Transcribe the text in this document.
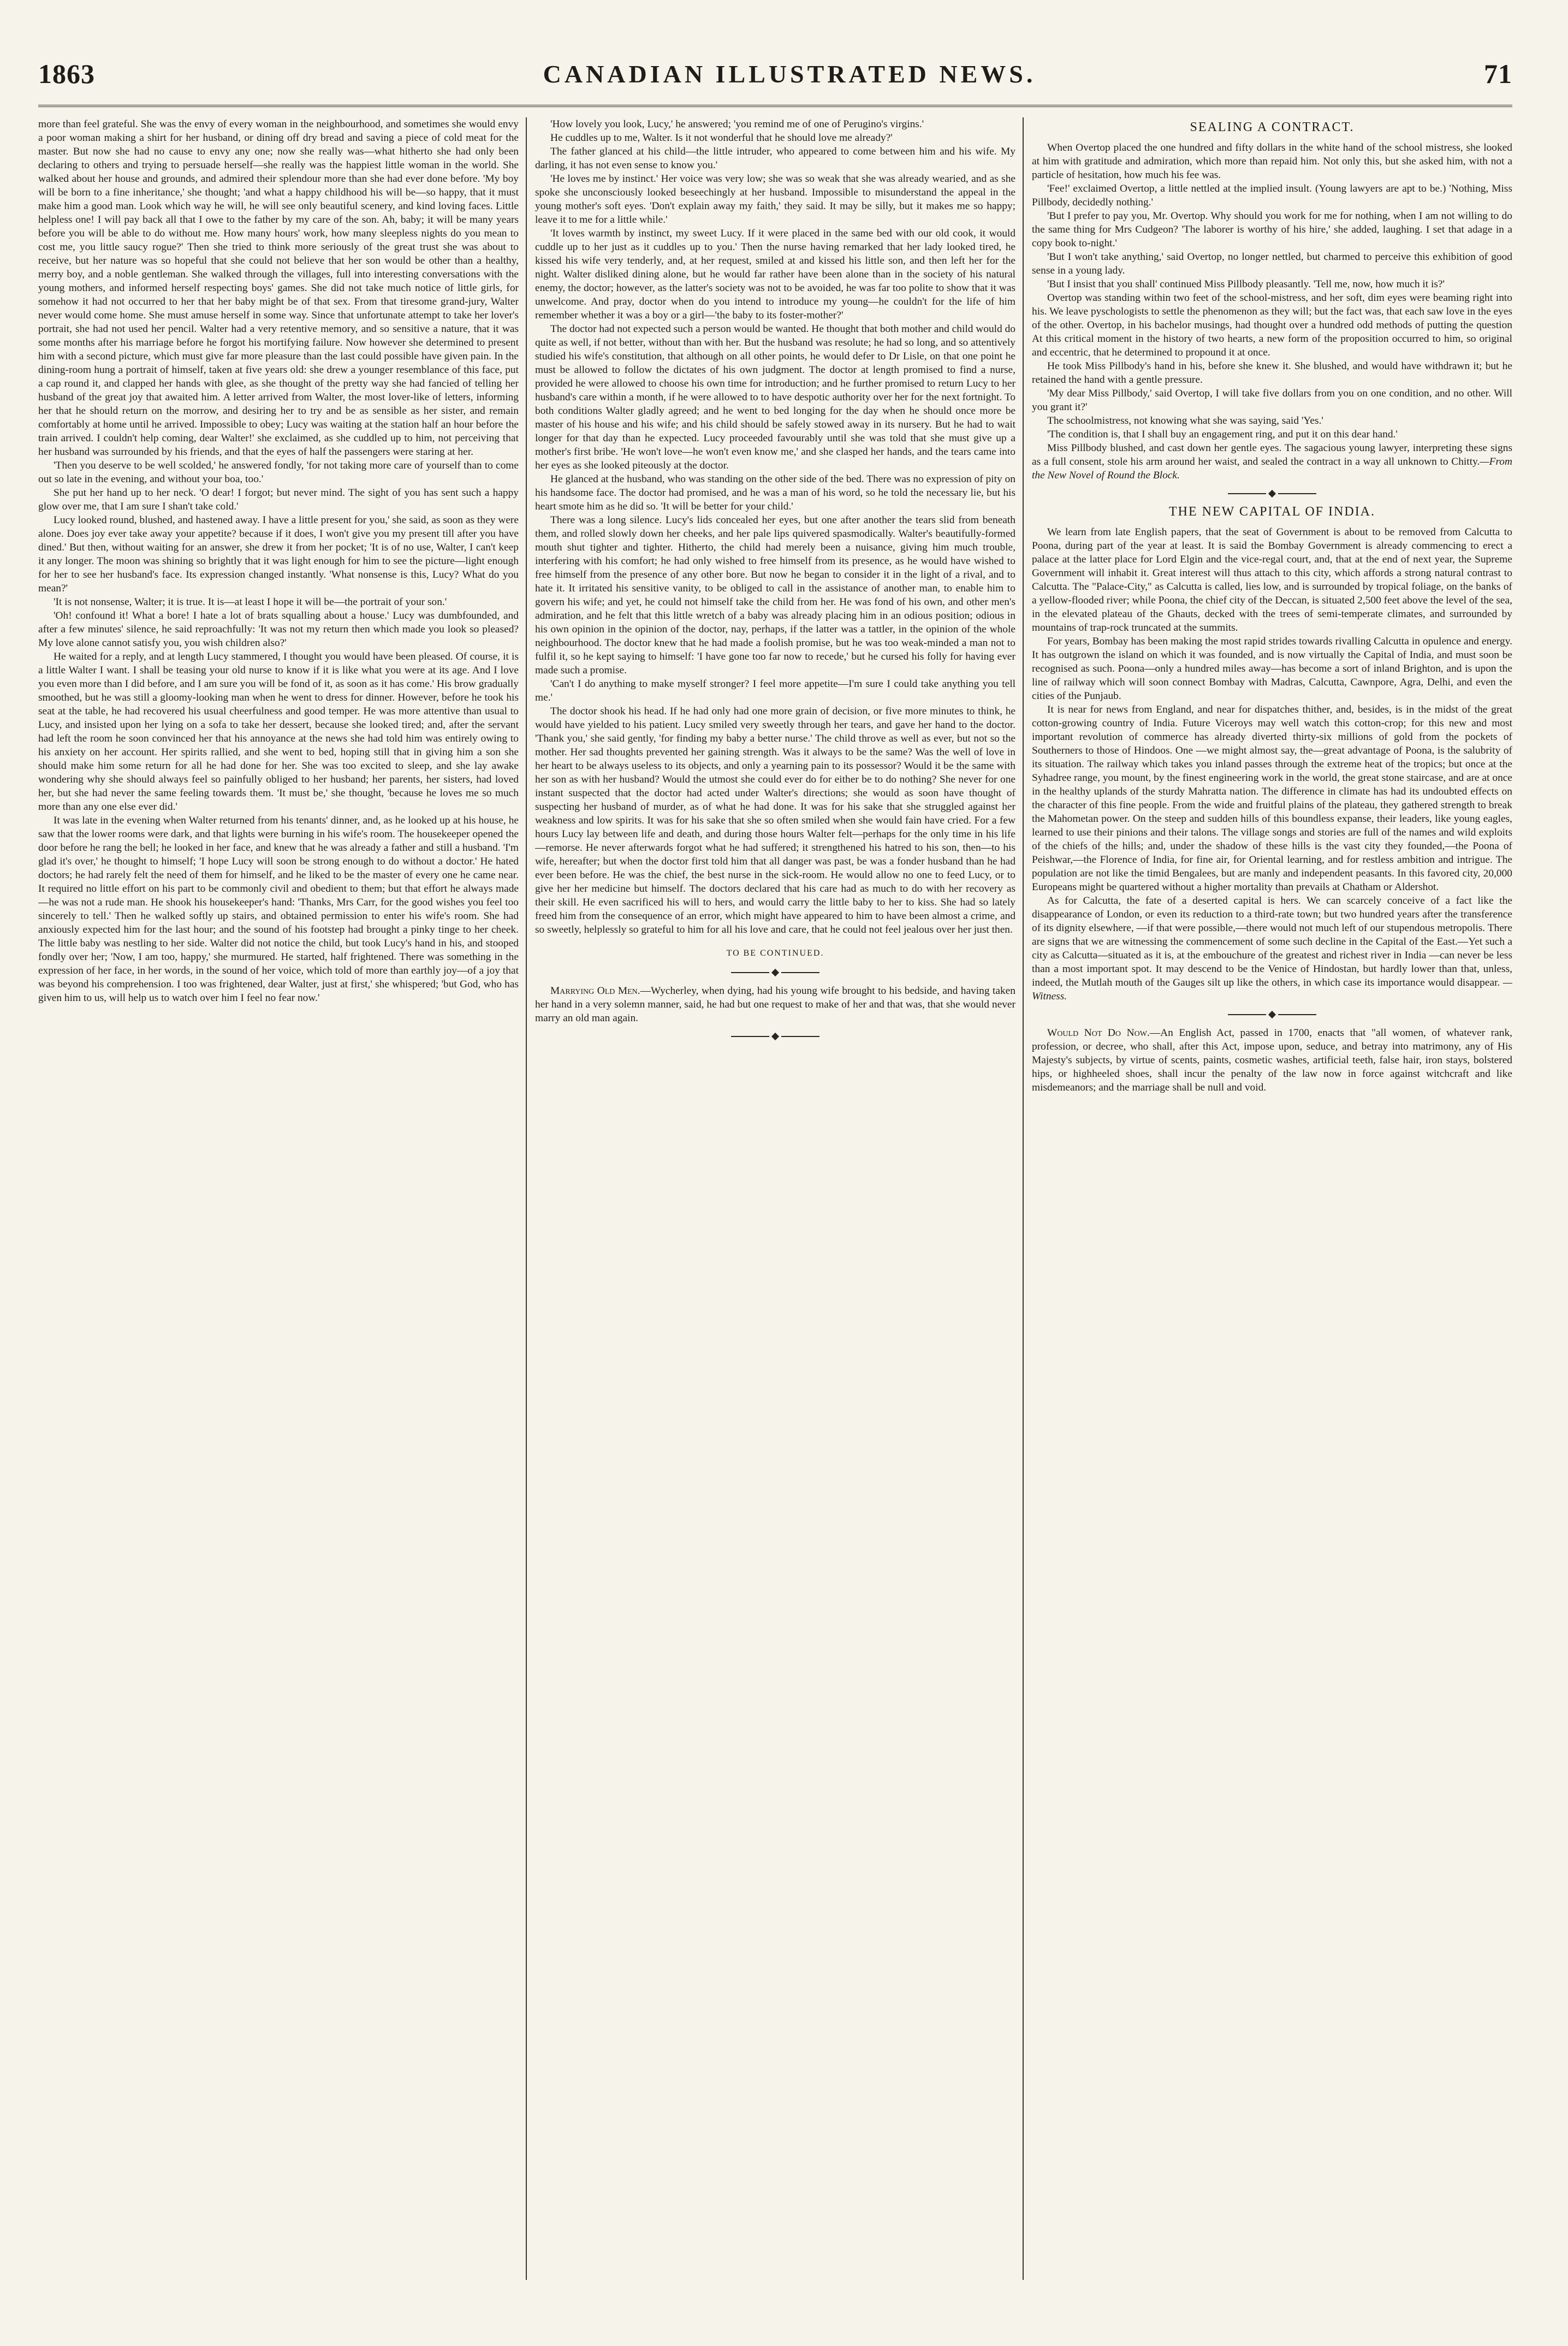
1863	CANADIAN ILLUSTRATED NEWS.	71

more than feel grateful. She was the envy of every woman in the neighbourhood, and sometimes she would envy a poor woman making a shirt for her husband, or dining off dry bread and saving a piece of cold meat for the master. But now she had no cause to envy any one; now she really was—what hitherto she had only been declaring to others and trying to persuade herself—she really was the happiest little woman in the world. She walked about her house and grounds, and admired their splendour more than she had ever done before. 'My boy will be born to a fine inheritance,' she thought; 'and what a happy childhood his will be—so happy, that it must make him a good man. Look which way he will, he will see only beautiful scenery, and kind loving faces. Little helpless one! I will pay back all that I owe to the father by my care of the son. Ah, baby; it will be many years before you will be able to do without me. How many hours' work, how many sleepless nights do you mean to cost me, you little saucy rogue?' Then she tried to think more seriously of the great trust she was about to receive, but her nature was so hopeful that she could not believe that her son would be other than a healthy, merry boy, and a noble gentleman. She walked through the villages, full into interesting conversations with the young mothers, and informed herself respecting boys' games. She did not take much notice of little girls, for somehow it had not occurred to her that her baby might be of that sex. From that tiresome grand-jury, Walter never would come home. She must amuse herself in some way. Since that unfortunate attempt to take her lover's portrait, she had not used her pencil. Walter had a very retentive memory, and so sensitive a nature, that it was some months after his marriage before he forgot his mortifying failure. Now however she determined to present him with a second picture, which must give far more pleasure than the last could possible have given pain. In the dining-room hung a portrait of himself, taken at five years old: she drew a younger resemblance of this face, put a cap round it, and clapped her hands with glee, as she thought of the pretty way she had fancied of telling her husband of the great joy that awaited him. A letter arrived from Walter, the most lover-like of letters, informing her that he should return on the morrow, and desiring her to try and be as sensible as her sister, and remain comfortably at home until he arrived. Impossible to obey; Lucy was waiting at the station half an hour before the train arrived. I couldn't help coming, dear Walter!' she exclaimed, as she cuddled up to him, not perceiving that her husband was surrounded by his friends, and that the eyes of half the passengers were staring at her.

'Then you deserve to be well scolded,' he answered fondly, 'for not taking more care of yourself than to come out so late in the evening, and without your boa, too.'

She put her hand up to her neck. 'O dear! I forgot; but never mind. The sight of you has sent such a happy glow over me, that I am sure I shan't take cold.'

Lucy looked round, blushed, and hastened away. I have a little present for you,' she said, as soon as they were alone. Does joy ever take away your appetite? because if it does, I won't give you my present till after you have dined.' But then, without waiting for an answer, she drew it from her pocket; 'It is of no use, Walter, I can't keep it any longer. The moon was shining so brightly that it was light enough for him to see the picture—light enough for her to see her husband's face. Its expression changed instantly. 'What nonsense is this, Lucy? What do you mean?'

'It is not nonsense, Walter; it is true. It is—at least I hope it will be—the portrait of your son.'

'Oh! confound it! What a bore! I hate a lot of brats squalling about a house.' Lucy was dumbfounded, and after a few minutes' silence, he said reproachfully: 'It was not my return then which made you look so pleased? My love alone cannot satisfy you, you wish children also?'

He waited for a reply, and at length Lucy stammered, I thought you would have been pleased. Of course, it is a little Walter I want. I shall be teasing your old nurse to know if it is like what you were at its age. And I love you even more than I did before, and I am sure you will be fond of it, as soon as it has come.' His brow gradually smoothed, but he was still a gloomy-looking man when he went to dress for dinner. However, before he took his seat at the table, he had recovered his usual cheerfulness and good temper. He was more attentive than usual to Lucy, and insisted upon her lying on a sofa to take her dessert, because she looked tired; and, after the servant had left the room he soon convinced her that his annoyance at the news she had told him was entirely owing to his anxiety on her account. Her spirits rallied, and she went to bed, hoping still that in giving him a son she should make him some return for all he had done for her. She was too excited to sleep, and she lay awake wondering why she should always feel so painfully obliged to her husband; her parents, her sisters, had loved her, but she had never the same feeling towards them. 'It must be,' she thought, 'because he loves me so much more than any one else ever did.'

It was late in the evening when Walter returned from his tenants' dinner, and, as he looked up at his house, he saw that the lower rooms were dark, and that lights were burning in his wife's room. The housekeeper opened the door before he rang the bell; he looked in her face, and knew that he was already a father and still a husband. 'I'm glad it's over,' he thought to himself; 'I hope Lucy will soon be strong enough to do without a doctor.' He hated doctors; he had rarely felt the need of them for himself, and he liked to be the master of every one he came near. It required no little effort on his part to be commonly civil and obedient to them; but that effort he always made—he was not a rude man. He shook his housekeeper's hand: 'Thanks, Mrs Carr, for the good wishes you feel too sincerely to tell.' Then he walked softly up stairs, and obtained permission to enter his wife's room. She had anxiously expected him for the last hour; and the sound of his footstep had brought a pinky tinge to her cheek. The little baby was nestling to her side. Walter did not notice the child, but took Lucy's hand in his, and stooped fondly over her; 'Now, I am too, happy,' she murmured. He started, half frightened. There was something in the expression of her face, in her words, in the sound of her voice, which told of more than earthly joy—of a joy that was beyond his comprehension. I too was frightened, dear Walter, just at first,' she whispered; 'but God, who has given him to us, will help us to watch over him I feel no fear now.'

'How lovely you look, Lucy,' he answered; 'you remind me of one of Perugino's virgins.'

He cuddles up to me, Walter. Is it not wonderful that he should love me already?'

The father glanced at his child—the little intruder, who appeared to come between him and his wife. My darling, it has not even sense to know you.'

'He loves me by instinct.' Her voice was very low; she was so weak that she was already wearied, and as she spoke she unconsciously looked beseechingly at her husband. Impossible to misunderstand the appeal in the young mother's soft eyes. 'Don't explain away my faith,' they said. It may be silly, but it makes me so happy; leave it to me for a little while.'

'It loves warmth by instinct, my sweet Lucy. If it were placed in the same bed with our old cook, it would cuddle up to her just as it cuddles up to you.' Then the nurse having remarked that her lady looked tired, he kissed his wife very tenderly, and, at her request, smiled at and kissed his little son, and then left her for the night. Walter disliked dining alone, but he would far rather have been alone than in the society of his natural enemy, the doctor; however, as the latter's society was not to be avoided, he was far too polite to show that it was unwelcome. And pray, doctor when do you intend to introduce my young—he couldn't for the life of him remember whether it was a boy or a girl—'the baby to its foster-mother?'

The doctor had not expected such a person would be wanted. He thought that both mother and child would do quite as well, if not better, without than with her. But the husband was resolute; he had so long, and so attentively studied his wife's constitution, that although on all other points, he would defer to Dr Lisle, on that one point he must be allowed to follow the dictates of his own judgment. The doctor at length promised to find a nurse, provided he were allowed to choose his own time for introduction; and he further promised to return Lucy to her husband's care within a month, if he were allowed to to have despotic authority over her for the next fortnight. To both conditions Walter gladly agreed; and he went to bed longing for the day when he should once more be master of his house and his wife; and his child should be safely stowed away in its nursery. But he had to wait longer for that day than he expected. Lucy proceeded favourably until she was told that she must give up a mother's first bribe. 'He won't love—he won't even know me,' and she clasped her hands, and the tears came into her eyes as she looked piteously at the doctor.

He glanced at the husband, who was standing on the other side of the bed. There was no expression of pity on his handsome face. The doctor had promised, and he was a man of his word, so he told the necessary lie, but his heart smote him as he did so. 'It will be better for your child.'

There was a long silence. Lucy's lids concealed her eyes, but one after another the tears slid from beneath them, and rolled slowly down her cheeks, and her pale lips quivered spasmodically. Walter's beautifully-formed mouth shut tighter and tighter. Hitherto, the child had merely been a nuisance, giving him much trouble, interfering with his comfort; he had only wished to free himself from its presence, as he would have wished to free himself from the presence of any other bore. But now he began to consider it in the light of a rival, and to hate it. It irritated his sensitive vanity, to be obliged to call in the assistance of another man, to enable him to govern his wife; and yet, he could not himself take the child from her. He was fond of his own, and other men's admiration, and he felt that this little wretch of a baby was already placing him in an odious position; odious in his own opinion in the opinion of the doctor, nay, perhaps, if the latter was a tattler, in the opinion of the whole neighbourhood. The doctor knew that he had made a foolish promise, but he was too weak-minded a man not to fulfil it, so he kept saying to himself: 'I have gone too far now to recede,' but he cursed his folly for having ever made such a promise.

'Can't I do anything to make myself stronger? I feel more appetite—I'm sure I could take anything you tell me.'

The doctor shook his head. If he had only had one more grain of decision, or five more minutes to think, he would have yielded to his patient. Lucy smiled very sweetly through her tears, and gave her hand to the doctor. 'Thank you,' she said gently, 'for finding my baby a better nurse.' The child throve as well as ever, but not so the mother. Her sad thoughts prevented her gaining strength. Was it always to be the same? Was the well of love in her heart to be always useless to its objects, and only a yearning pain to its possessor? Would it be the same with her son as with her husband? Would the utmost she could ever do for either be to do nothing? She never for one instant suspected that the doctor had acted under Walter's directions; she would as soon have thought of suspecting her husband of murder, as of what he had done. It was for his sake that she struggled against her weakness and low spirits. It was for his sake that she so often smiled when she would fain have cried. For a few hours Lucy lay between life and death, and during those hours Walter felt—perhaps for the only time in his life—remorse. He never afterwards forgot what he had suffered; it strengthened his hatred to his son, then—to his wife, hereafter; but when the doctor first told him that all danger was past, be was a fonder husband than he had ever been before. He was the chief, the best nurse in the sick-room. He would allow no one to feed Lucy, or to give her her medicine but himself. The doctors declared that his care had as much to do with her recovery as their skill. He even sacrificed his will to hers, and would carry the little baby to her to kiss. She had so lately freed him from the consequence of an error, which might have appeared to him to have been almost a crime, and so sweetly, helplessly so grateful to him for all his love and care, that he could not feel jealous over her just then.

TO BE CONTINUED.

Marrying Old Men.—Wycherley, when dying, had his young wife brought to his bedside, and having taken her hand in a very solemn manner, said, he had but one request to make of her and that was, that she would never marry an old man again.

SEALING A CONTRACT.

When Overtop placed the one hundred and fifty dollars in the white hand of the school mistress, she looked at him with gratitude and admiration, which more than repaid him. Not only this, but she asked him, with not a particle of hesitation, how much his fee was.

'Fee!' exclaimed Overtop, a little nettled at the implied insult. (Young lawyers are apt to be.) 'Nothing, Miss Pillbody, decidedly nothing.'

'But I prefer to pay you, Mr. Overtop. Why should you work for me for nothing, when I am not willing to do the same thing for Mrs Cudgeon? 'The laborer is worthy of his hire,' she added, laughing. I set that adage in a copy book to-night.'

'But I won't take anything,' said Overtop, no longer nettled, but charmed to perceive this exhibition of good sense in a young lady.

'But I insist that you shall' continued Miss Pillbody pleasantly. 'Tell me, now, how much it is?'

Overtop was standing within two feet of the school-mistress, and her soft, dim eyes were beaming right into his. We leave pyschologists to settle the phenomenon as they will; but the fact was, that each saw love in the eyes of the other. Overtop, in his bachelor musings, had thought over a hundred odd methods of putting the question At this critical moment in the history of two hearts, a new form of the proposition occurred to him, so original and eccentric, that he determined to propound it at once.

He took Miss Pillbody's hand in his, before she knew it. She blushed, and would have withdrawn it; but he retained the hand with a gentle pressure.

'My dear Miss Pillbody,' said Overtop, I will take five dollars from you on one condition, and no other. Will you grant it?'

The schoolmistress, not knowing what she was saying, said 'Yes.'

'The condition is, that I shall buy an engagement ring, and put it on this dear hand.'

Miss Pillbody blushed, and cast down her gentle eyes. The sagacious young lawyer, interpreting these signs as a full consent, stole his arm around her waist, and sealed the contract in a way all unknown to Chitty.—From the New Novel of Round the Block.

THE NEW CAPITAL OF INDIA.

We learn from late English papers, that the seat of Government is about to be removed from Calcutta to Poona, during part of the year at least. It is said the Bombay Government is already commencing to erect a palace at the latter place for Lord Elgin and the vice-regal court, and, that at the end of next year, the Supreme Government will inhabit it. Great interest will thus attach to this city, which affords a strong natural contrast to Calcutta. The "Palace-City," as Calcutta is called, lies low, and is surrounded by tropical foliage, on the banks of a yellow-flooded river; while Poona, the chief city of the Deccan, is situated 2,500 feet above the level of the sea, in the elevated plateau of the Ghauts, decked with the trees of semi-temperate climates, and surrounded by mountains of trap-rock truncated at the summits.

For years, Bombay has been making the most rapid strides towards rivalling Calcutta in opulence and energy. It has outgrown the island on which it was founded, and is now virtually the Capital of India, and must soon be recognised as such. Poona—only a hundred miles away—has become a sort of inland Brighton, and is upon the line of railway which will soon connect Bombay with Madras, Calcutta, Cawnpore, Agra, Delhi, and even the cities of the Punjaub.

It is near for news from England, and near for dispatches thither, and, besides, is in the midst of the great cotton-growing country of India. Future Viceroys may well watch this cotton-crop; for this new and most important revolution of commerce has already diverted thirty-six millions of gold from the pockets of Southerners to those of Hindoos. One —we might almost say, the—great advantage of Poona, is the salubrity of its situation. The railway which takes you inland passes through the extreme heat of the tropics; but once at the Syhadree range, you mount, by the finest engineering work in the world, the great stone staircase, and are at once in the healthy uplands of the sturdy Mahratta nation. The difference in climate has had its undoubted effects on the character of this fine people. From the wide and fruitful plains of the plateau, they gathered strength to break the Mahometan power. On the steep and sudden hills of this boundless expanse, their leaders, like young eagles, learned to use their pinions and their talons. The village songs and stories are full of the names and wild exploits of the chiefs of the hills; and, under the shadow of these hills is the vast city they founded,—the Poona of Peishwar,—the Florence of India, for fine air, for Oriental learning, and for restless ambition and intrigue. The population are not like the timid Bengalees, but are manly and independent peasants. In this favored city, 20,000 Europeans might be quartered without a higher mortality than prevails at Chatham or Aldershot.

As for Calcutta, the fate of a deserted capital is hers. We can scarcely conceive of a fact like the disappearance of London, or even its reduction to a third-rate town; but two hundred years after the transference of its dignity elsewhere, —if that were possible,—there would not much left of our stupendous metropolis. There are signs that we are witnessing the commencement of some such decline in the Capital of the East.—Yet such a city as Calcutta—situated as it is, at the embouchure of the greatest and richest river in India —can never be less than a most important spot. It may descend to be the Venice of Hindostan, but hardly lower than that, unless, indeed, the Mutlah mouth of the Gauges silt up like the others, in which case its importance would disappear. —Witness.

Would Not Do Now.—An English Act, passed in 1700, enacts that "all women, of whatever rank, profession, or decree, who shall, after this Act, impose upon, seduce, and betray into matrimony, any of His Majesty's subjects, by virtue of scents, paints, cosmetic washes, artificial teeth, false hair, iron stays, bolstered hips, or highheeled shoes, shall incur the penalty of the law now in force against witchcraft and like misdemeanors; and the marriage shall be null and void.
